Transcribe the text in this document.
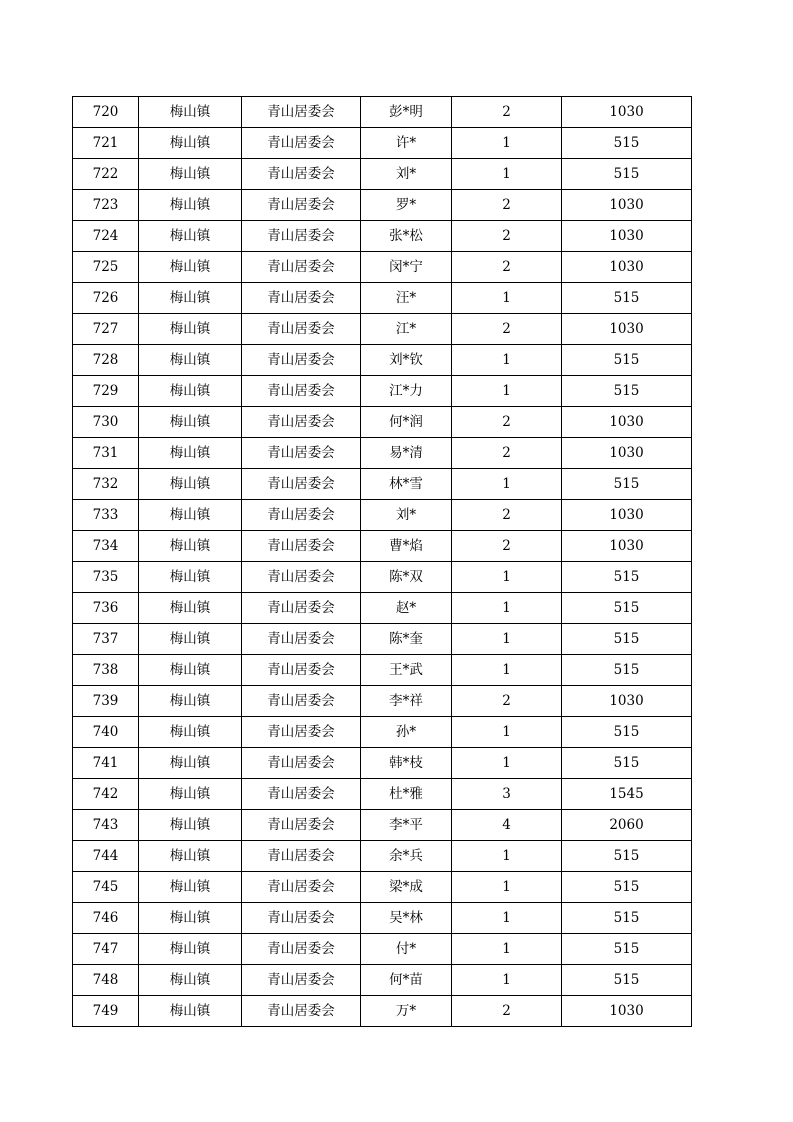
720	梅山镇	青山居委会	彭*明	2	1030
721	梅山镇	青山居委会	许*	1	515
722	梅山镇	青山居委会	刘*	1	515
723	梅山镇	青山居委会	罗*	2	1030
724	梅山镇	青山居委会	张*松	2	1030
725	梅山镇	青山居委会	闵*宁	2	1030
726	梅山镇	青山居委会	汪*	1	515
727	梅山镇	青山居委会	江*	2	1030
728	梅山镇	青山居委会	刘*钦	1	515
729	梅山镇	青山居委会	江*力	1	515
730	梅山镇	青山居委会	何*润	2	1030
731	梅山镇	青山居委会	易*清	2	1030
732	梅山镇	青山居委会	林*雪	1	515
733	梅山镇	青山居委会	刘*	2	1030
734	梅山镇	青山居委会	曹*焰	2	1030
735	梅山镇	青山居委会	陈*双	1	515
736	梅山镇	青山居委会	赵*	1	515
737	梅山镇	青山居委会	陈*奎	1	515
738	梅山镇	青山居委会	王*武	1	515
739	梅山镇	青山居委会	李*祥	2	1030
740	梅山镇	青山居委会	孙*	1	515
741	梅山镇	青山居委会	韩*枝	1	515
742	梅山镇	青山居委会	杜*雅	3	1545
743	梅山镇	青山居委会	李*平	4	2060
744	梅山镇	青山居委会	余*兵	1	515
745	梅山镇	青山居委会	梁*成	1	515
746	梅山镇	青山居委会	吴*林	1	515
747	梅山镇	青山居委会	付*	1	515
748	梅山镇	青山居委会	何*苗	1	515
749	梅山镇	青山居委会	万*	2	1030
